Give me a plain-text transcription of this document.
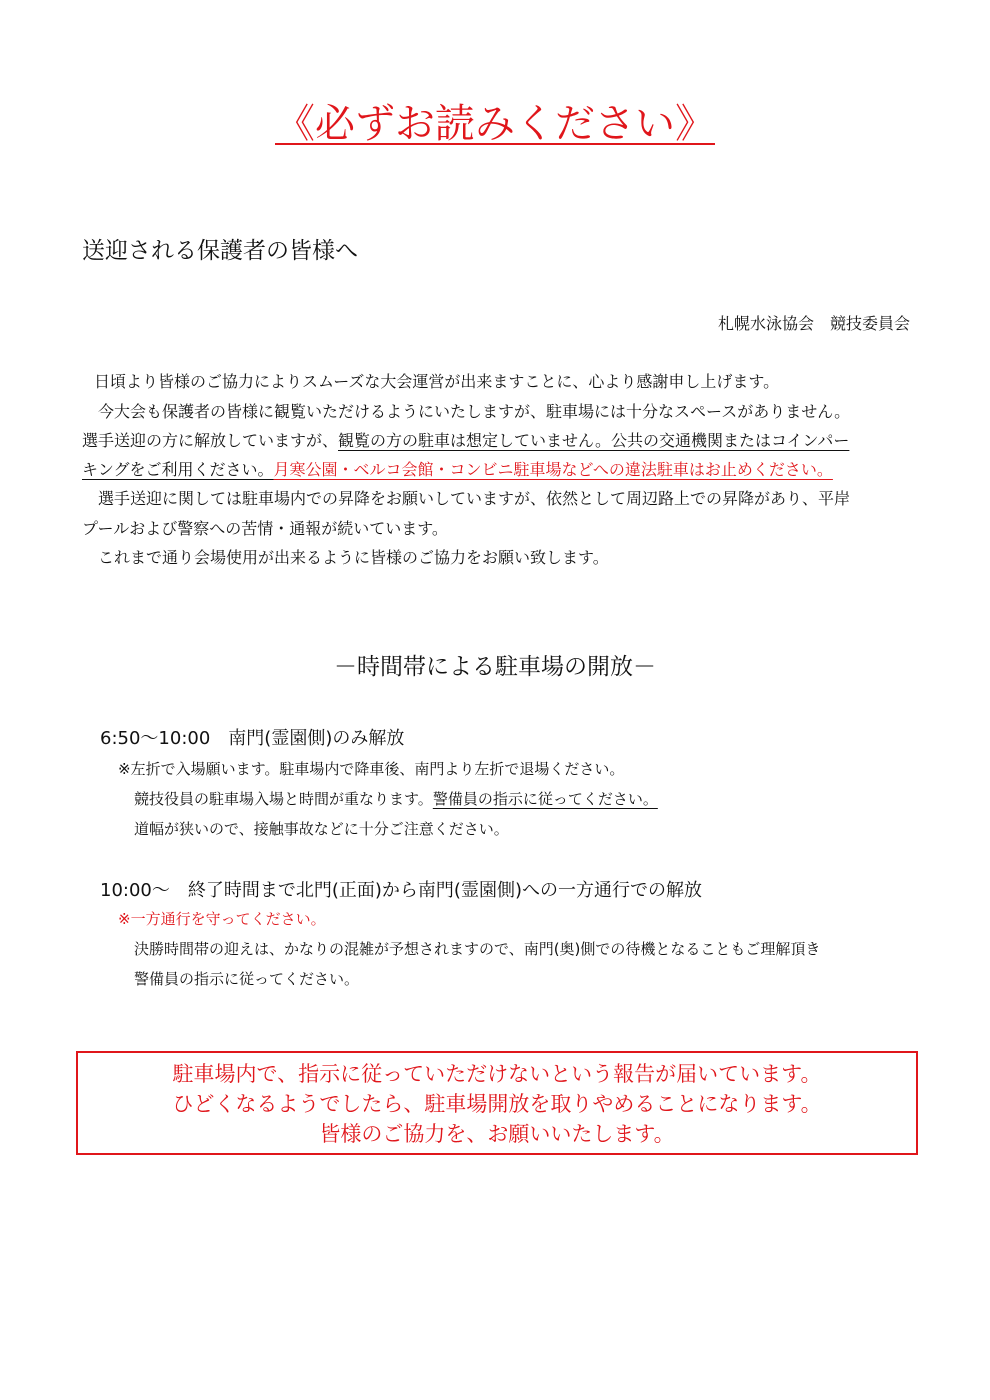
《必ずお読みください》
送迎される保護者の皆様へ
札幌水泳協会　競技委員会
日頃より皆様のご協力によりスムーズな大会運営が出来ますことに、心より感謝申し上げます。
今大会も保護者の皆様に観覧いただけるようにいたしますが、駐車場には十分なスペースがありません。
選手送迎の方に解放していますが、観覧の方の駐車は想定していません。公共の交通機関またはコインパー
キングをご利用ください。月寒公園・ベルコ会館・コンビニ駐車場などへの違法駐車はお止めください。
選手送迎に関しては駐車場内での昇降をお願いしていますが、依然として周辺路上での昇降があり、平岸
プールおよび警察への苦情・通報が続いています。
これまで通り会場使用が出来るように皆様のご協力をお願い致します。
－時間帯による駐車場の開放－
6:50～10:00　南門(霊園側)のみ解放
※左折で入場願います。駐車場内で降車後、南門より左折で退場ください。
競技役員の駐車場入場と時間が重なります。警備員の指示に従ってください。
道幅が狭いので、接触事故などに十分ご注意ください。
10:00～　終了時間まで北門(正面)から南門(霊園側)への一方通行での解放
※一方通行を守ってください。
決勝時間帯の迎えは、かなりの混雑が予想されますので、南門(奥)側での待機となることもご理解頂き
警備員の指示に従ってください。
駐車場内で、指示に従っていただけないという報告が届いています。
ひどくなるようでしたら、駐車場開放を取りやめることになります。
皆様のご協力を、お願いいたします。
